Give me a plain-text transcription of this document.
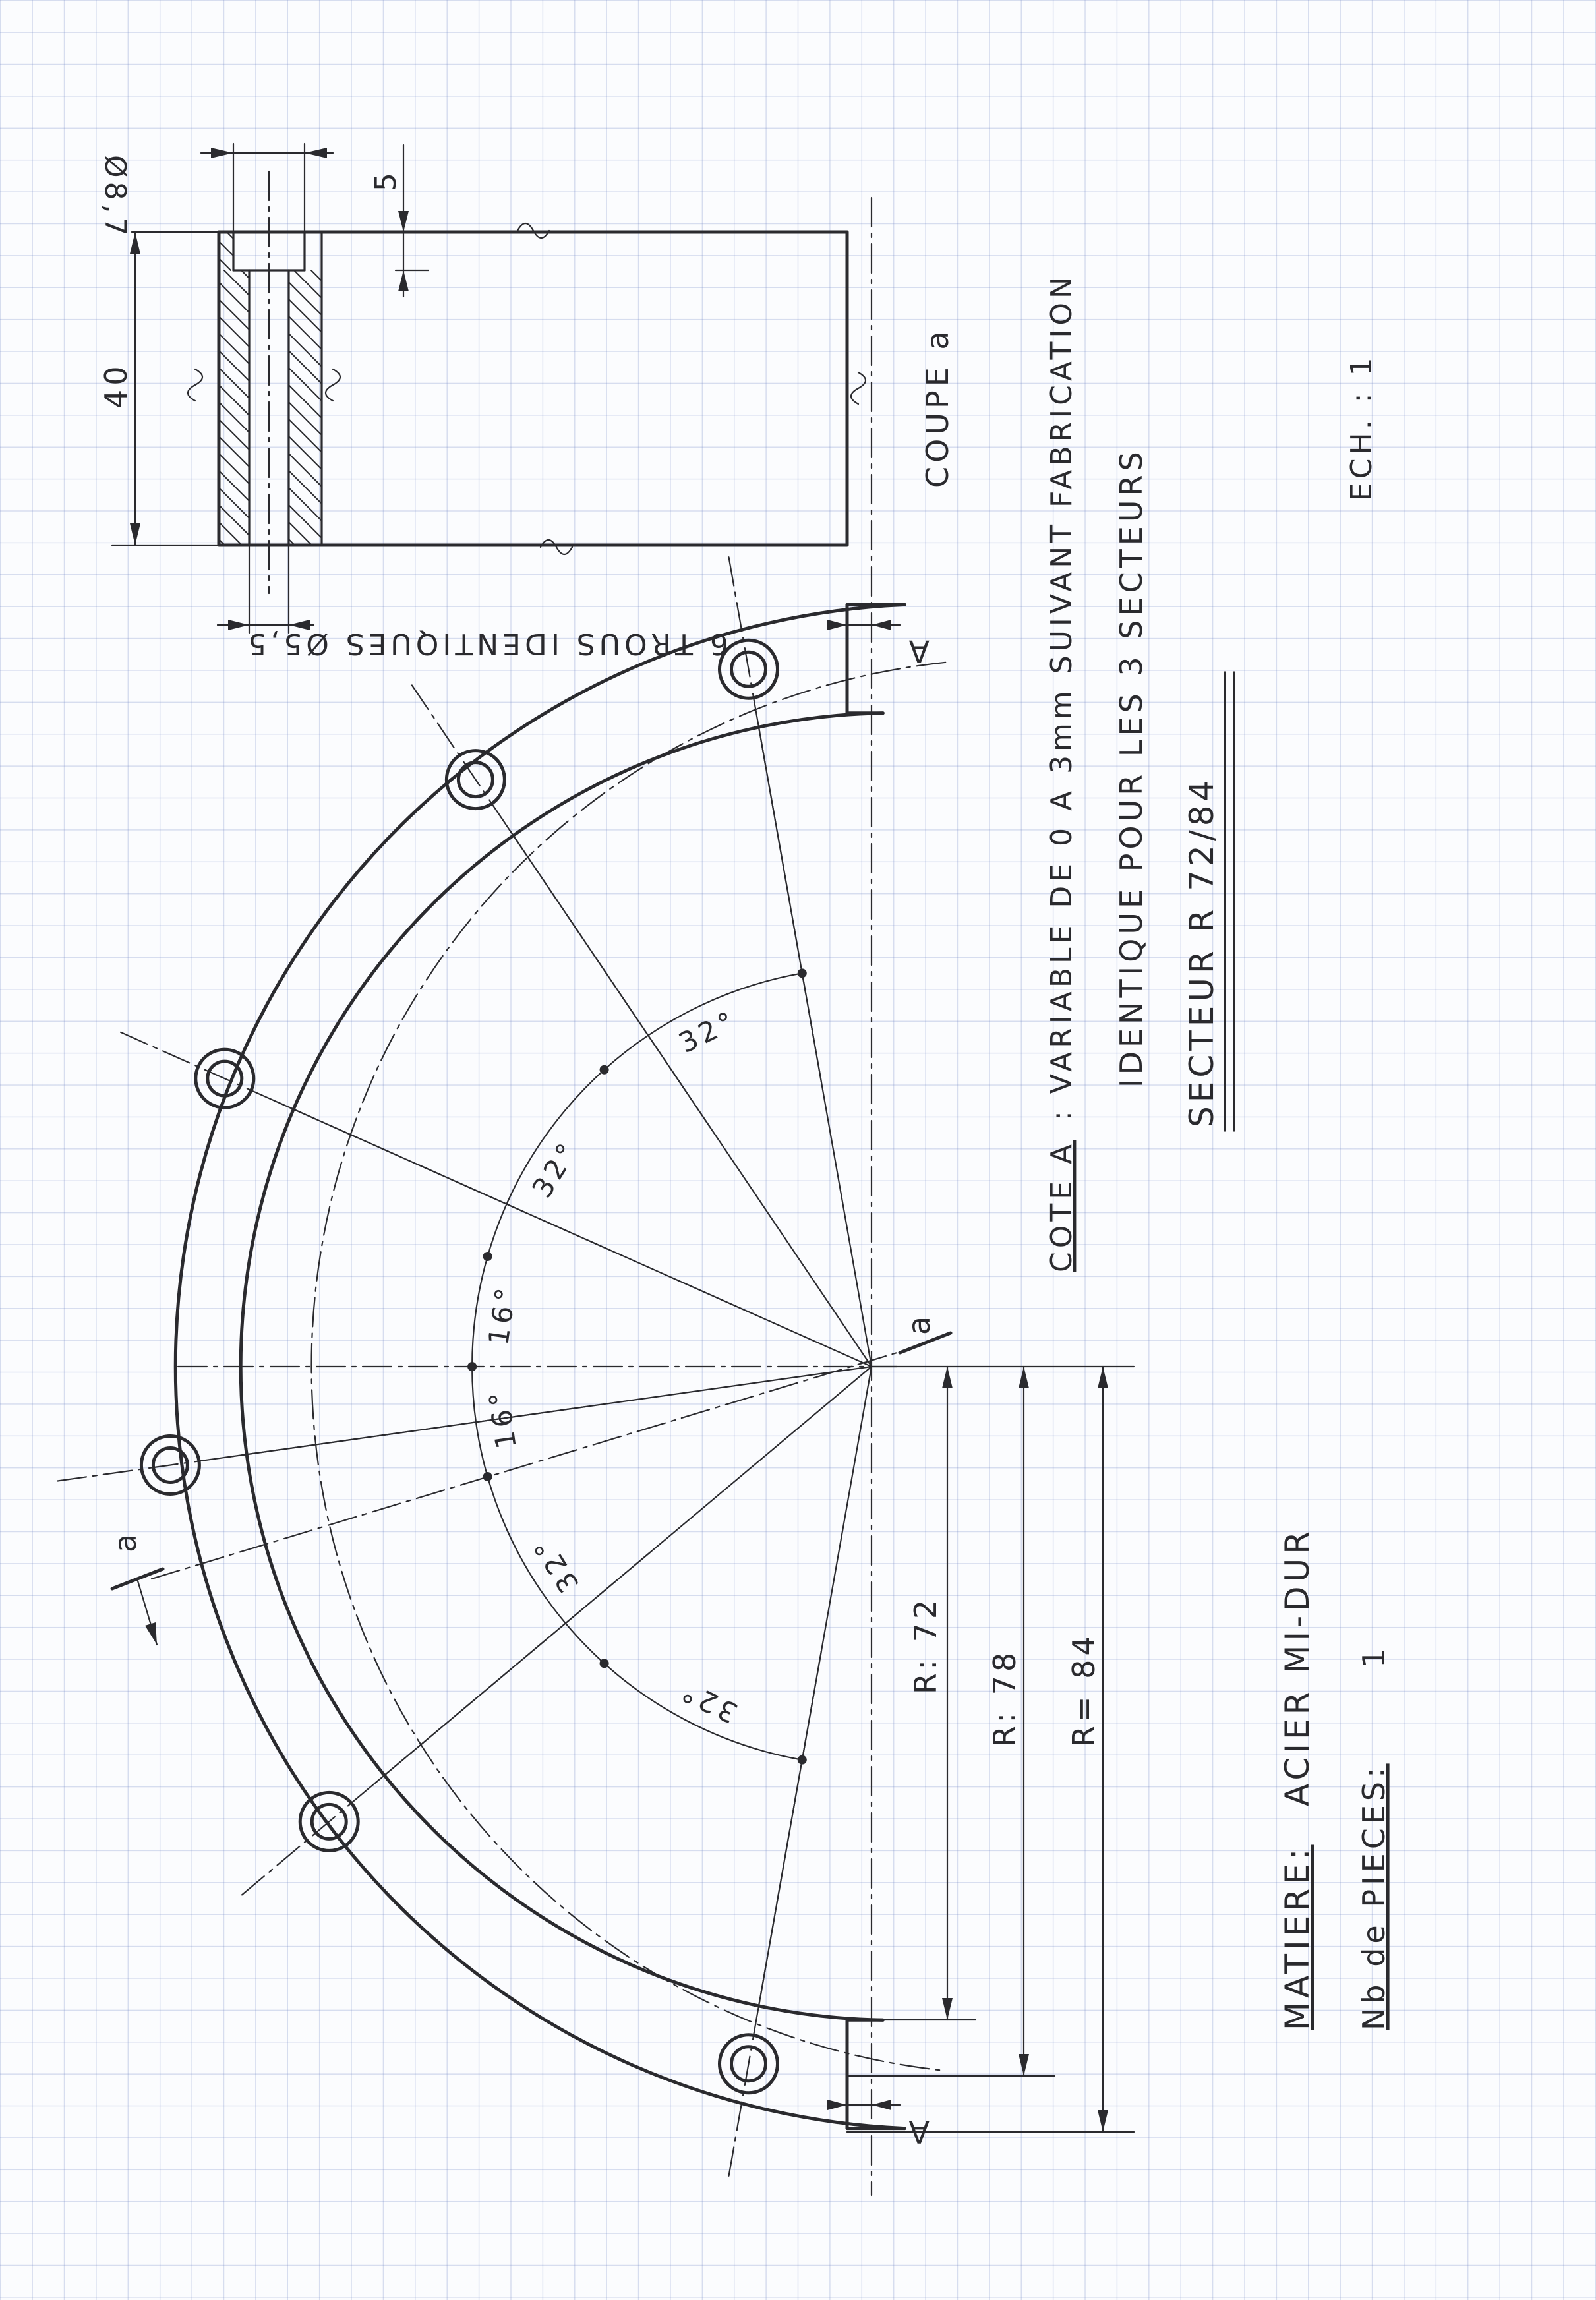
32°
32°
16°
16°
32°
32°
COUPE a
40
Ø8,7	5
6 TROUS IDENTIQUES Ø5,5	A
A
a
a
R: 72
R: 78 R= 84
COTE A
: VARIABLE DE 0 A 3mm SUIVANT FABRICATION IDENTIQUE POUR LES 3 SECTEURS SECTEUR R 72/84
ECH. : 1
MATIERE:
ACIER MI-DUR
Nb de PIECES:
1
